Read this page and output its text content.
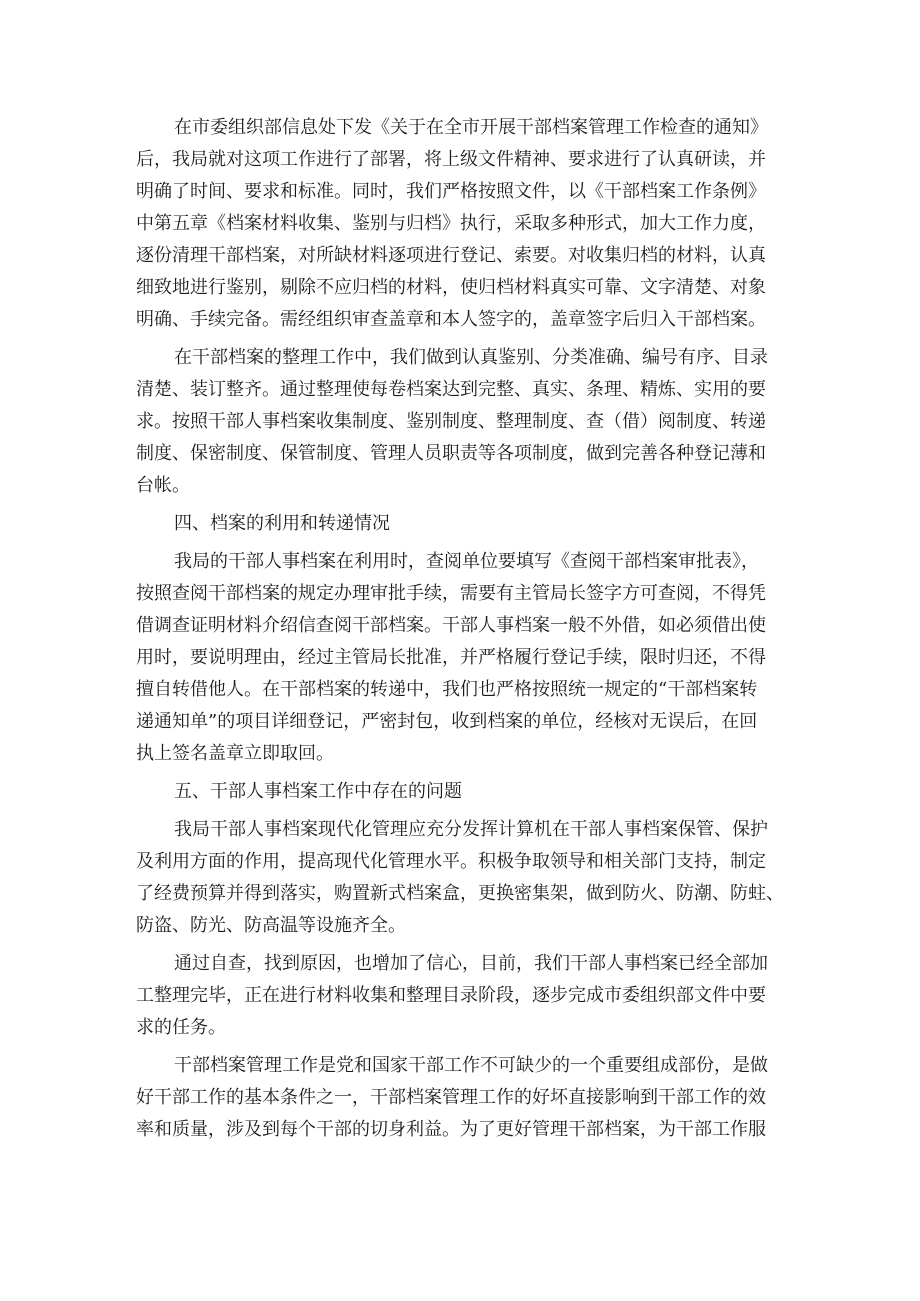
在市委组织部信息处下发《关于在全市开展干部档案管理工作检查的通知》
后，我局就对这项工作进行了部署，将上级文件精神、要求进行了认真研读，并
明确了时间、要求和标准。同时，我们严格按照文件，以《干部档案工作条例》
中第五章《档案材料收集、鉴别与归档》执行，采取多种形式，加大工作力度，
逐份清理干部档案，对所缺材料逐项进行登记、索要。对收集归档的材料，认真
细致地进行鉴别，剔除不应归档的材料，使归档材料真实可靠、文字清楚、对象
明确、手续完备。需经组织审查盖章和本人签字的，盖章签字后归入干部档案。
在干部档案的整理工作中，我们做到认真鉴别、分类准确、编号有序、目录
清楚、装订整齐。通过整理使每卷档案达到完整、真实、条理、精炼、实用的要
求。按照干部人事档案收集制度、鉴别制度、整理制度、查（借）阅制度、转递
制度、保密制度、保管制度、管理人员职责等各项制度，做到完善各种登记薄和
台帐。
四、档案的利用和转递情况
我局的干部人事档案在利用时，查阅单位要填写《查阅干部档案审批表》，
按照查阅干部档案的规定办理审批手续，需要有主管局长签字方可查阅，不得凭
借调查证明材料介绍信查阅干部档案。干部人事档案一般不外借，如必须借出使
用时，要说明理由，经过主管局长批准，并严格履行登记手续，限时归还，不得
擅自转借他人。在干部档案的转递中，我们也严格按照统一规定的“干部档案转
递通知单”的项目详细登记，严密封包，收到档案的单位，经核对无误后，在回
执上签名盖章立即取回。
五、干部人事档案工作中存在的问题
我局干部人事档案现代化管理应充分发挥计算机在干部人事档案保管、保护
及利用方面的作用，提高现代化管理水平。积极争取领导和相关部门支持，制定
了经费预算并得到落实，购置新式档案盒，更换密集架，做到防火、防潮、防蛀、
防盗、防光、防高温等设施齐全。
通过自查，找到原因，也增加了信心，目前，我们干部人事档案已经全部加
工整理完毕，正在进行材料收集和整理目录阶段，逐步完成市委组织部文件中要
求的任务。
干部档案管理工作是党和国家干部工作不可缺少的一个重要组成部份，是做
好干部工作的基本条件之一，干部档案管理工作的好坏直接影响到干部工作的效
率和质量，涉及到每个干部的切身利益。为了更好管理干部档案，为干部工作服
